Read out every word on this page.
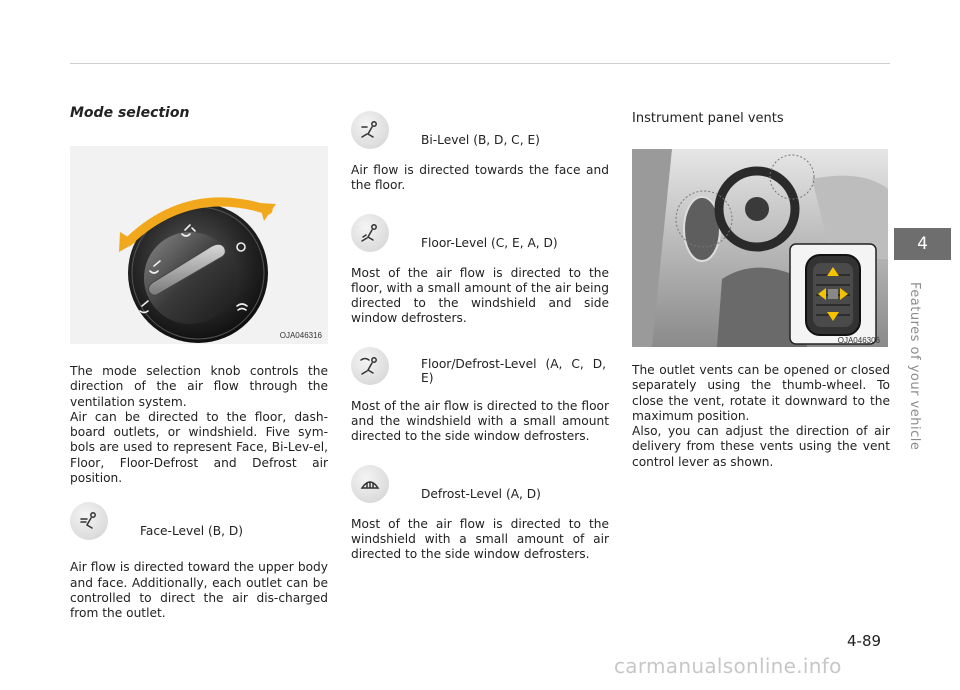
Mode selection
OJA046316

The mode selection knob controls the direction of the air flow through the ventilation system.

Air can be directed to the floor, dash-board outlets, or windshield. Five sym-bols are used to represent Face, Bi-Lev-el, Floor, Floor-Defrost and Defrost air position.

Face-Level (B, D)

Air flow is directed toward the upper body and face. Additionally, each outlet can be controlled to direct the air dis-charged from the outlet.

Bi-Level (B, D, C, E)

Air flow is directed towards the face and the floor.

Floor-Level (C, E, A, D)

Most of the air flow is directed to the floor, with a small amount of the air being directed to the windshield and side window defrosters.

Floor/Defrost-Level (A, C, D, E)

Most of the air flow is directed to the floor and the windshield with a small amount directed to the side window defrosters.

Defrost-Level (A, D)

Most of the air flow is directed to the windshield with a small amount of air directed to the side window defrosters.

Instrument panel vents
OJA046306

The outlet vents can be opened or closed separately using the thumb-wheel. To close the vent, rotate it downward to the maximum position.

Also, you can adjust the direction of air delivery from these vents using the vent control lever as shown.

4
Features of your vehicle
4-89
carmanualsonline.info
